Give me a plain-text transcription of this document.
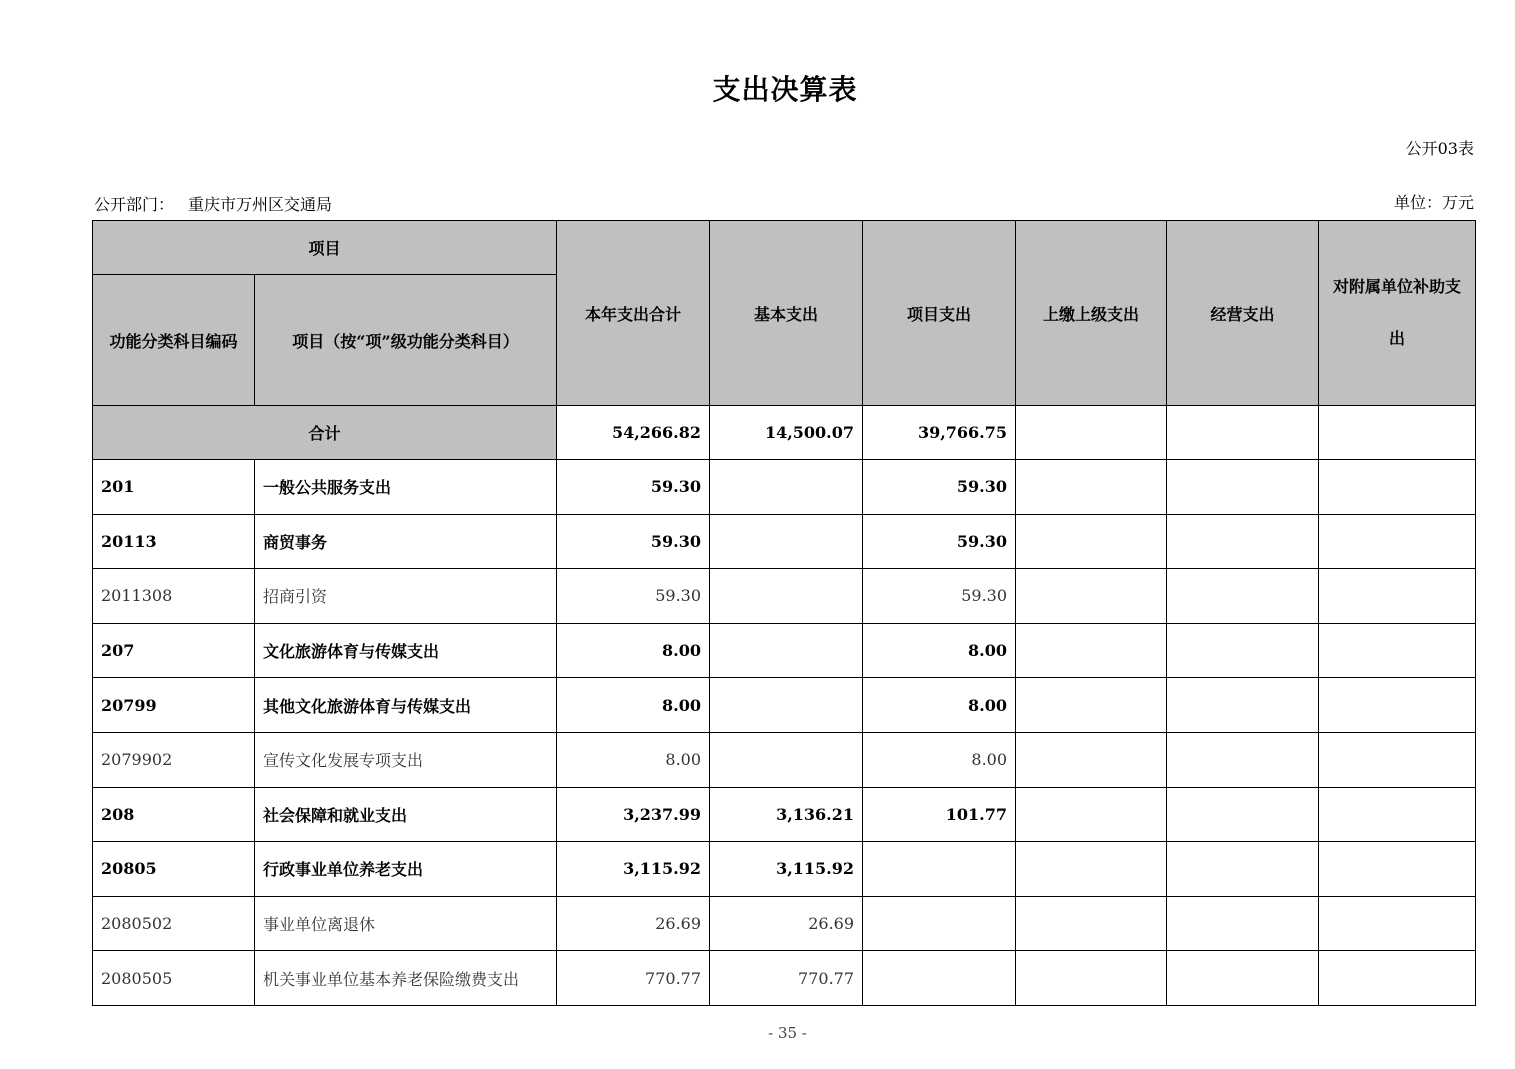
支出决算表
公开03表
公开部门： 重庆市万州区交通局	单位：万元
项目		本年支出合计	基本支出	项目支出	上缴上级支出	经营支出	对附属单位补助支出
功能分类科目编码	项目（按“项”级功能分类科目）						
合计		54,266.82	14,500.07	39,766.75			
201	一般公共服务支出	59.30		59.30			
20113	商贸事务	59.30		59.30			
2011308	招商引资	59.30		59.30			
207	文化旅游体育与传媒支出	8.00		8.00			
20799	其他文化旅游体育与传媒支出	8.00		8.00			
2079902	宣传文化发展专项支出	8.00		8.00			
208	社会保障和就业支出	3,237.99	3,136.21	101.77			
20805	行政事业单位养老支出	3,115.92	3,115.92				
2080502	事业单位离退休	26.69	26.69				
2080505	机关事业单位基本养老保险缴费支出	770.77	770.77				
- 35 -
